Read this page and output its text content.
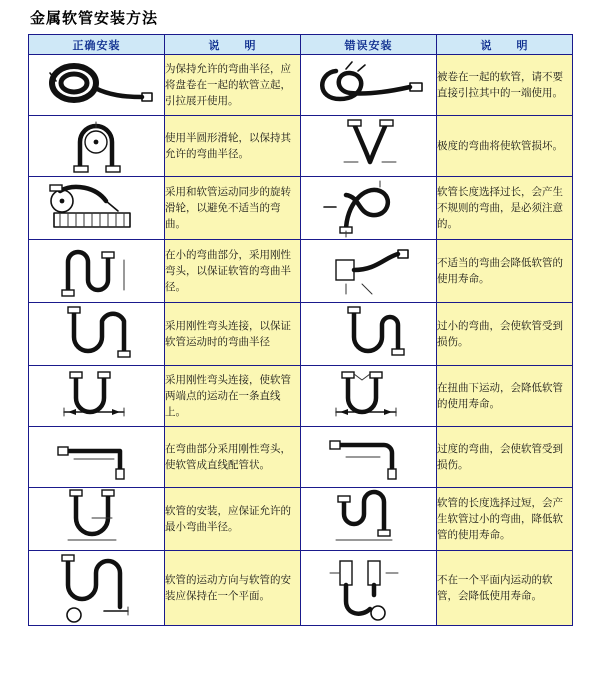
金属软管安装方法
正确安装	说　　明	错误安装	说　　明

	为保持允许的弯曲半径，应将盘卷在一起的软管立起，引拉展开使用。		被卷在一起的软管，请不要直接引拉其中的一端使用。

	使用半圆形滑轮，以保持其允许的弯曲半径。		极度的弯曲将使软管损坏。

	采用和软管运动同步的旋转滑轮，以避免不适当的弯曲。		软管长度选择过长，会产生不规则的弯曲，是必须注意的。

	在小的弯曲部分，采用刚性弯头，以保证软管的弯曲半径。		不适当的弯曲会降低软管的使用寿命。

	采用刚性弯头连接，以保证软管运动时的弯曲半径		过小的弯曲，会使软管受到损伤。

	采用刚性弯头连接，使软管两端点的运动在一条直线上。		在扭曲下运动，会降低软管的使用寿命。

	在弯曲部分采用刚性弯头，使软管成直线配管状。		过度的弯曲，会使软管受到损伤。

	软管的安装，应保证允许的最小弯曲半径。		软管的长度选择过短，会产生软管过小的弯曲，降低软管的使用寿命。

	软管的运动方向与软管的安装应保持在一个平面。		不在一个平面内运动的软管，会降低使用寿命。
